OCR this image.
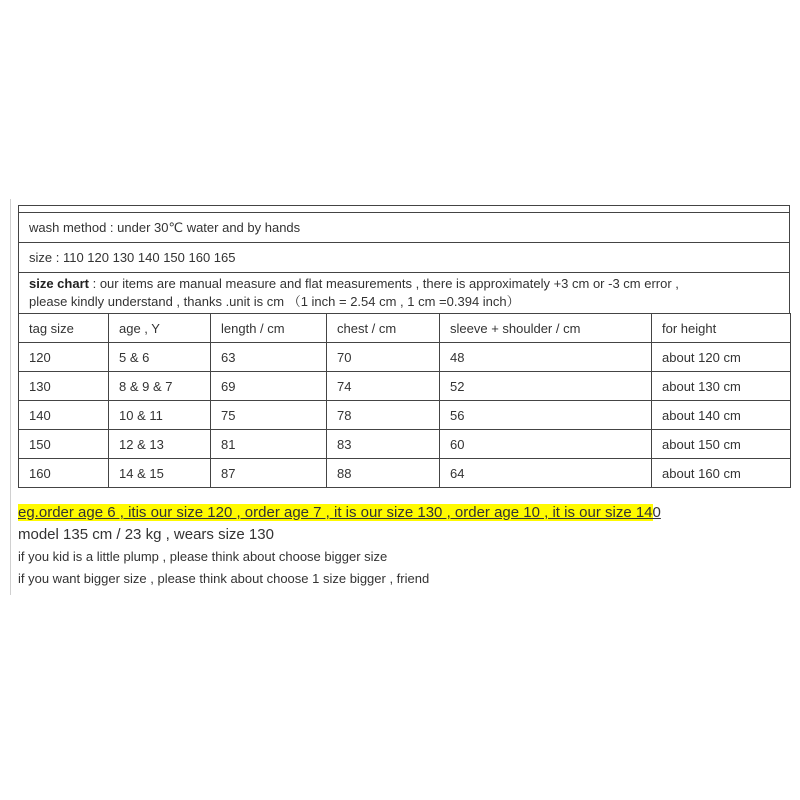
wash method : under 30℃ water and by hands
size : 110 120 130 140 150 160 165
size chart : our items are manual measure and flat measurements , there is approximately +3 cm or -3 cm error ,
please kindly understand , thanks .unit is cm （1 inch = 2.54 cm , 1 cm =0.394 inch）
tag size	age , Y	length / cm	chest / cm	sleeve + shoulder / cm	for height
120	5 & 6	63	70	48	about 120 cm
130	8 & 9 & 7	69	74	52	about 130 cm
140	10 & 11	75	78	56	about 140 cm
150	12 & 13	81	83	60	about 150 cm
160	14 & 15	87	88	64	about 160 cm
eg.order age 6 , itis our size 120 , order age 7 , it is our size 130 , order age 10 , it is our size 140
model 135 cm / 23 kg , wears size 130
if you kid is a little plump , please think about choose bigger size
if you want bigger size , please think about choose 1 size bigger , friend
